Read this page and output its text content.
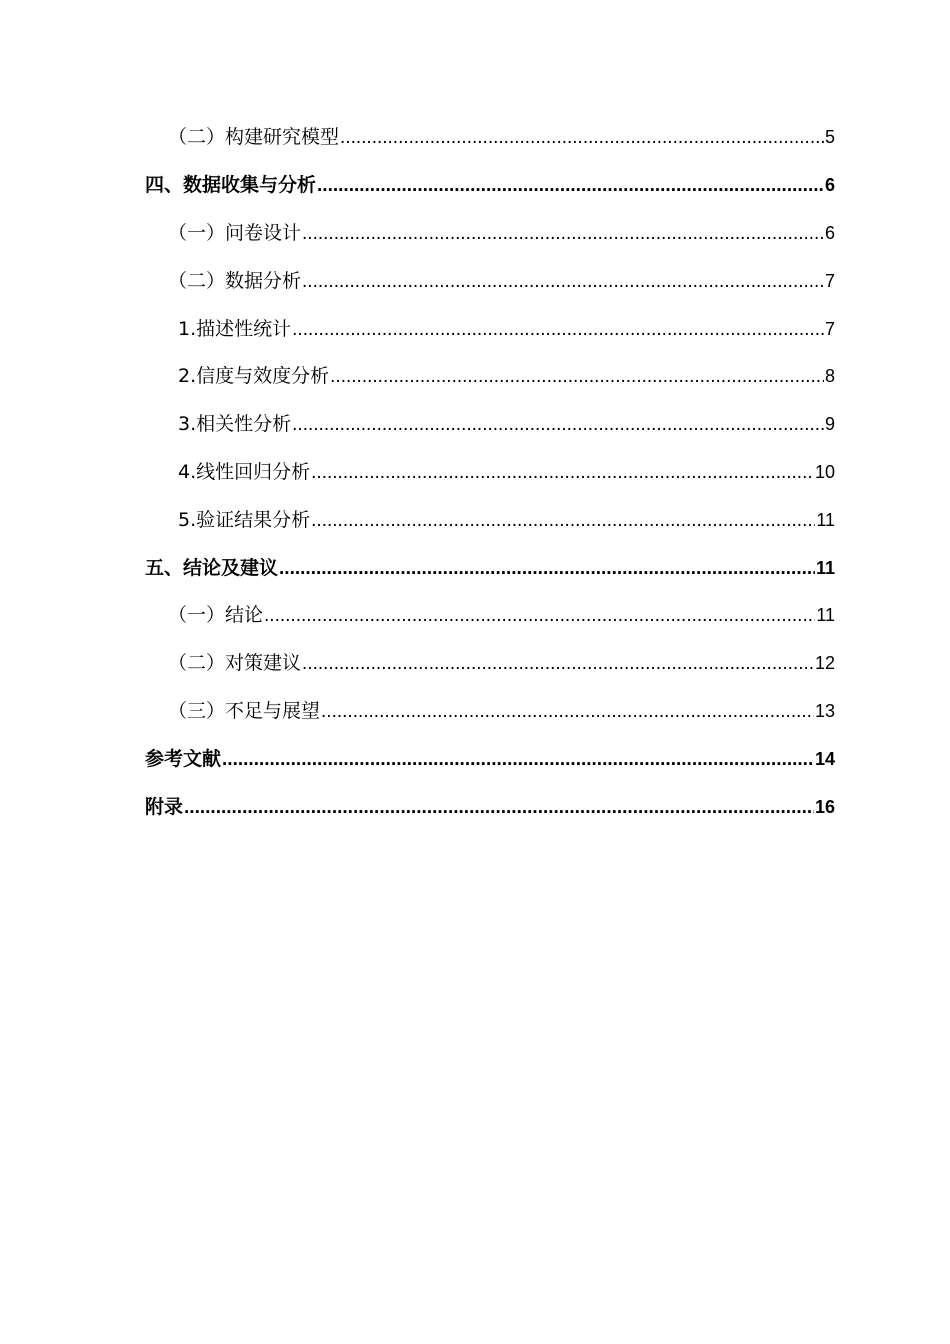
（二）构建研究模型 .....	5
四、数据收集与分析 .....	6
（一）问卷设计 .....	6
（二）数据分析 .....	7
1. 描述性统计 .....	7
2. 信度与效度分析 .....	8
3. 相关性分析 .....	9
4. 线性回归分析 .....	10
5. 验证结果分析 .....	11
五、结论及建议 .....	11
（一）结论 .....	11
（二）对策建议 .....	12
（三）不足与展望 .....	13
参考文献 .....	14
附录 .....	16
